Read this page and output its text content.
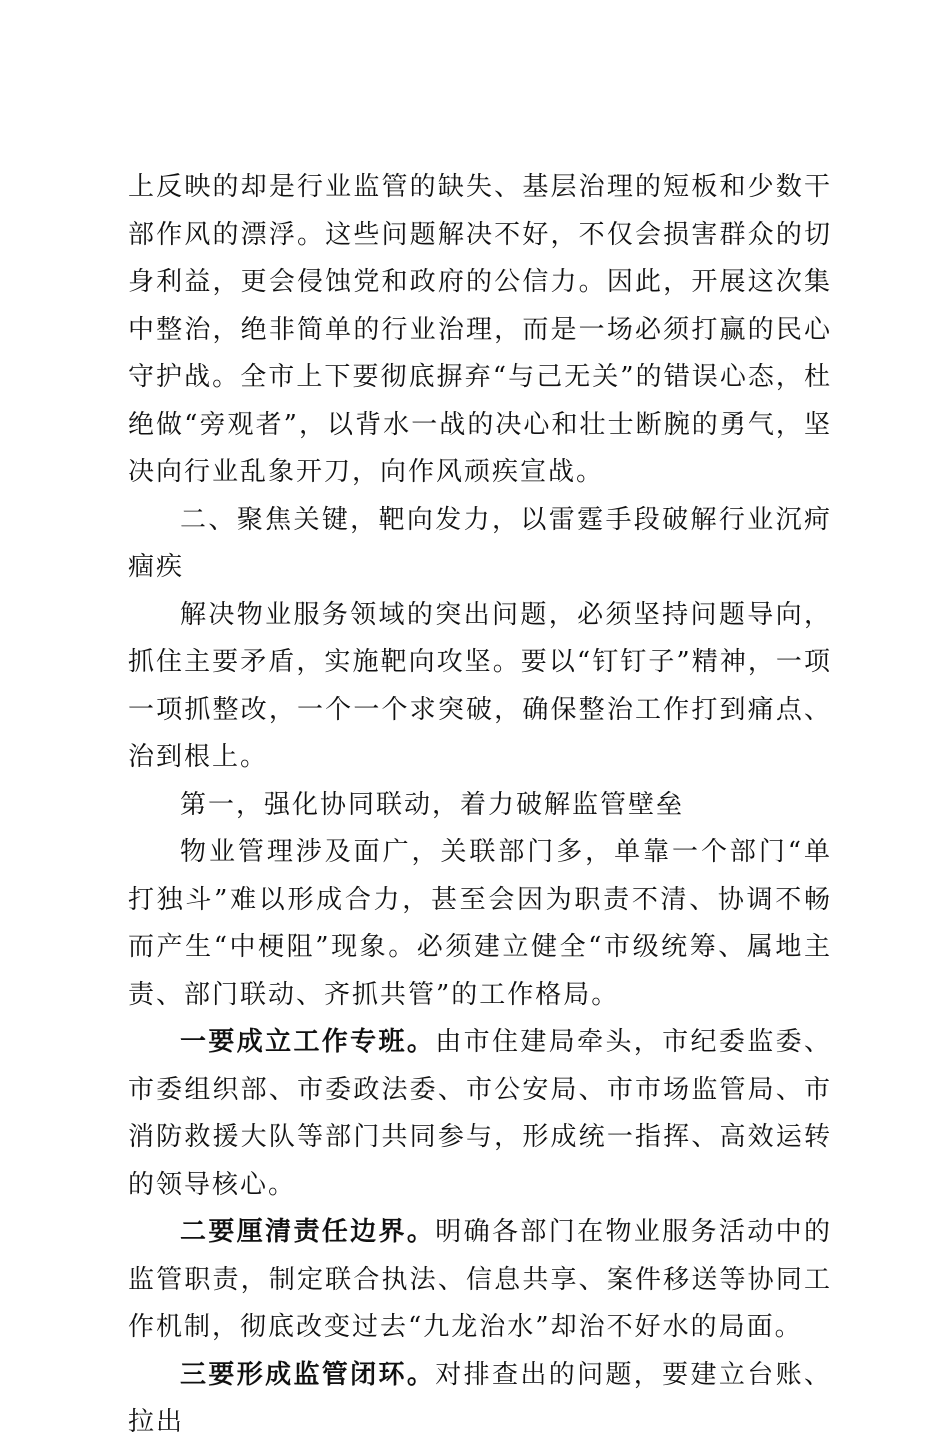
上反映的却是行业监管的缺失、基层治理的短板和少数干部作风的漂浮。这些问题解决不好，不仅会损害群众的切身利益，更会侵蚀党和政府的公信力。因此，开展这次集中整治，绝非简单的行业治理，而是一场必须打赢的民心守护战。全市上下要彻底摒弃“与己无关”的错误心态，杜绝做“旁观者”，以背水一战的决心和壮士断腕的勇气，坚决向行业乱象开刀，向作风顽疾宣战。

二、聚焦关键，靶向发力，以雷霆手段破解行业沉疴痼疾

解决物业服务领域的突出问题，必须坚持问题导向，抓住主要矛盾，实施靶向攻坚。要以“钉钉子”精神，一项一项抓整改，一个一个求突破，确保整治工作打到痛点、治到根上。

第一，强化协同联动，着力破解监管壁垒

物业管理涉及面广，关联部门多，单靠一个部门“单打独斗”难以形成合力，甚至会因为职责不清、协调不畅而产生“中梗阻”现象。必须建立健全“市级统筹、属地主责、部门联动、齐抓共管”的工作格局。

一要成立工作专班。由市住建局牵头，市纪委监委、市委组织部、市委政法委、市公安局、市市场监管局、市消防救援大队等部门共同参与，形成统一指挥、高效运转的领导核心。

二要厘清责任边界。明确各部门在物业服务活动中的监管职责，制定联合执法、信息共享、案件移送等协同工作机制，彻底改变过去“九龙治水”却治不好水的局面。

三要形成监管闭环。对排查出的问题，要建立台账、拉出
